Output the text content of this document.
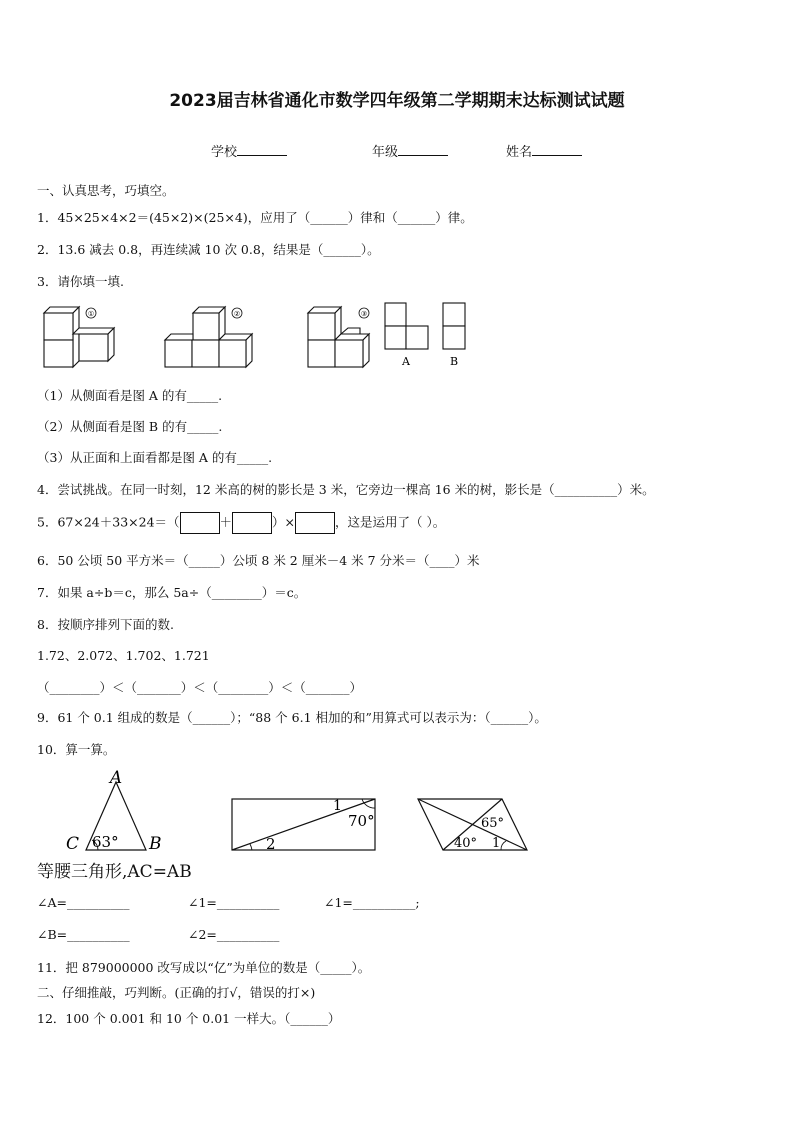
2023届吉林省通化市数学四年级第二学期期末达标测试试题
学校	年级	姓名
一、认真思考，巧填空。
1．45×25×4×2＝(45×2)×(25×4)，应用了（______）律和（______）律。
2．13.6 减去 0.8，再连续减 10 次 0.8，结果是（______）。
3．请你填一填.
①	②	③
A	B
（1）从侧面看是图 A 的有_____.
（2）从侧面看是图 B 的有_____.
（3）从正面和上面看都是图 A 的有_____.
4．尝试挑战。在同一时刻，12 米高的树的影长是 3 米，它旁边一棵高 16 米的树，影长是（__________）米。
5．67×24＋33×24＝（	＋	）×	，这是运用了（ ）。
6．50 公顷 50 平方米＝（_____）公顷 8 米 2 厘米－4 米 7 分米＝（____）米
7．如果 a÷b＝c，那么 5a÷（________）＝c。
8．按顺序排列下面的数.
1.72、2.072、1.702、1.721
（________）＜（_______）＜（________）＜（_______）
9．61 个 0.1 组成的数是（______）；“88 个 6.1 相加的和”用算式可以表示为：（______）。
10．算一算。
A
C	B
63°
1
70°
2
65°
40° 1
等腰三角形,AC=AB
∠A=__________	∠1=__________	∠1=__________;
∠B=__________	∠2=__________
11．把 879000000 改写成以“亿”为单位的数是（_____）。
二、仔细推敲，巧判断。(正确的打√，错误的打×)
12．100 个 0.001 和 10 个 0.01 一样大。（______）
